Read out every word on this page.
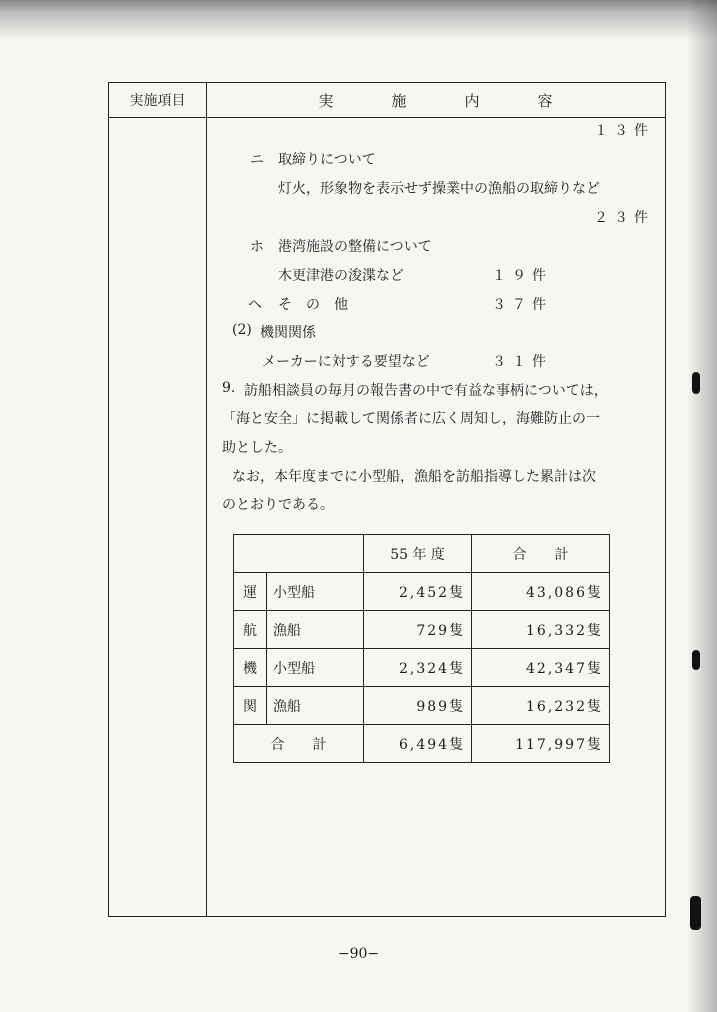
実施項目	実施内容
１３件
ニ 取締りについて
灯火，形象物を表示せず操業中の漁船の取締りなど
２３件
ホ 港湾施設の整備について
木更津港の浚渫など	１９件
ヘ そ　の　他	３７件
(2) 機関関係
メーカーに対する要望など	３１件
9. 訪船相談員の毎月の報告書の中で有益な事柄については，
「海と安全」に掲載して関係者に広く周知し，海難防止の一
助とした。
なお，本年度までに小型船，漁船を訪船指導した累計は次
のとおりである。
		55 年 度	合　　計
運	小型船	2,452隻	43,086隻
航	漁船	729隻	16,332隻
機	小型船	2,324隻	42,347隻
関	漁船	989隻	16,232隻
合　　計		6,494隻	117,997隻
−90−
